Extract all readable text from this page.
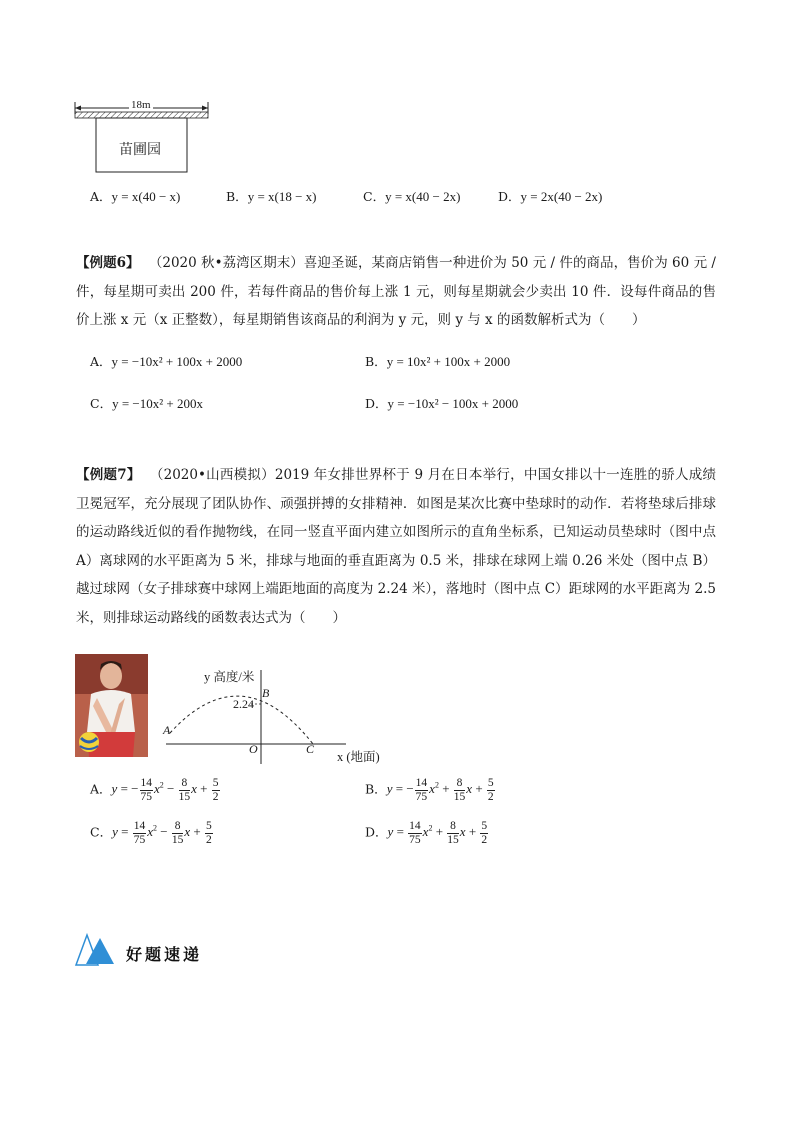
18m
苗圃园
A．y = x(40 − x)	B．y = x(18 − x)	C．y = x(40 − 2x)	D．y = 2x(40 − 2x)
【例题6】 （2020 秋•荔湾区期末）喜迎圣诞，某商店销售一种进价为 50 元 / 件的商品，售价为 60 元 / 件，每星期可卖出 200 件，若每件商品的售价每上涨 1 元，则每星期就会少卖出 10 件．设每件商品的售价上涨 x 元（x 正整数），每星期销售该商品的利润为 y 元，则 y 与 x 的函数解析式为（　　）
A．y = −10x² + 100x + 2000	B．y = 10x² + 100x + 2000
C．y = −10x² + 200x	D．y = −10x² − 100x + 2000
【例题7】 （2020•山西模拟）2019 年女排世界杯于 9 月在日本举行，中国女排以十一连胜的骄人成绩卫冕冠军，充分展现了团队协作、顽强拼搏的女排精神．如图是某次比赛中垫球时的动作．若将垫球后排球的运动路线近似的看作抛物线，在同一竖直平面内建立如图所示的直角坐标系，已知运动员垫球时（图中点 A）离球网的水平距离为 5 米，排球与地面的垂直距离为 0.5 米，排球在球网上端 0.26 米处（图中点 B）越过球网（女子排球赛中球网上端距地面的高度为 2.24 米），落地时（图中点 C）距球网的水平距离为 2.5 米，则排球运动路线的函数表达式为（　　）
y 高度/米
B
2.24
A
O	C
x (地面)
A．y = − $\frac{14}{75} x^2 - \frac{8}{15}$ $x + \frac{5}{2}$	B．y = − $\frac{14}{75} x^2 + \frac{8}{15}$ $x + \frac{5}{2}$
C．$y = \frac{14}{75} x^2 - \frac{8}{15}$ $x + \frac{5}{2}$	D．$y = \frac{14}{75} x^2 + \frac{8}{15}$ $x + \frac{5}{2}$
好题速递
